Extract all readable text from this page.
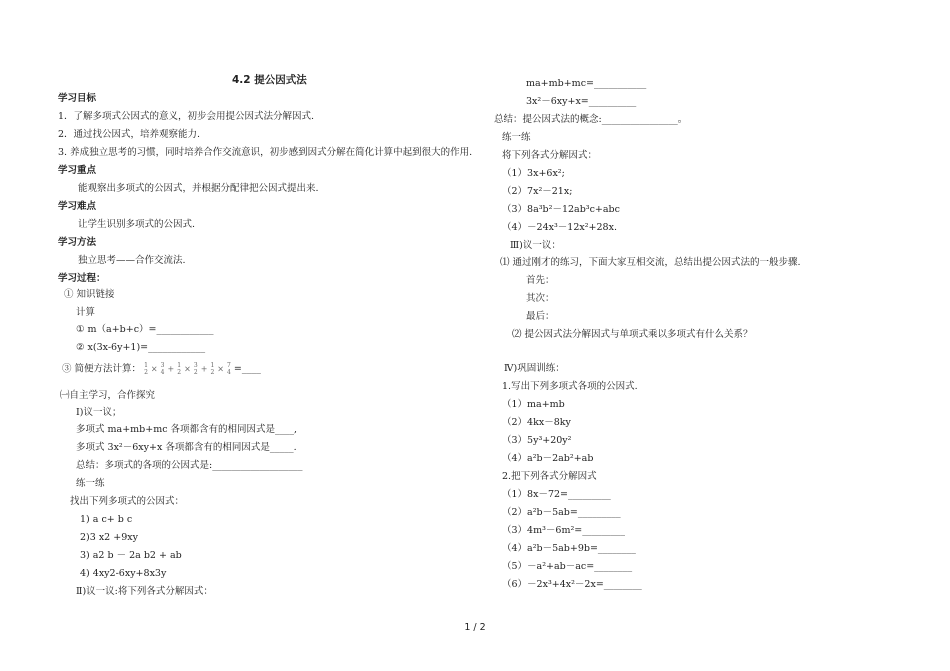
4.2 提公因式法
学习目标
1．了解多项式公因式的意义，初步会用提公因式法分解因式.
2．通过找公因式，培养观察能力.
3. 养成独立思考的习惯，同时培养合作交流意识，初步感到因式分解在简化计算中起到很大的作用.
学习重点
能观察出多项式的公因式，并根据分配律把公因式提出来.
学习难点
让学生识别多项式的公因式.
学习方法
独立思考——合作交流法.
学习过程：
① 知识链接
计算
① m（a+b+c）=____________
② x(3x-6y+1)=____________
㈠自主学习，合作探究
Ⅰ)议一议；
多项式 ma+mb+mc 各项都含有的相同因式是____,
多项式 3x²－6xy+x 各项都含有的相同因式是_____.
总结：多项式的各项的公因式是:___________________
练一练
找出下列多项式的公因式：
1) a c+ b c
2)3 x2 +9xy
3) a2 b － 2a b2 + ab
4) 4xy2-6xy+8x3y
Ⅱ)议一议:将下列各式分解因式：
③ 简便方法计算： 1
2 × 3
4 + 1
2 × 3
2 + 1
2 × 7
4 =____
ma+mb+mc=___________
3x²－6xy+x=__________
总结：提公因式法的概念:________________。
练一练
将下列各式分解因式：
（1）3x+6x²;
（2）7x²－21x;
（3）8a³b²－12ab³c+abc
（4）－24x³－12x²+28x.
Ⅲ)议一议：
⑴ 通过刚才的练习，下面大家互相交流，总结出提公因式法的一般步骤.
首先：
其次：
最后：
⑵ 提公因式法分解因式与单项式乘以多项式有什么关系？
Ⅳ)巩固训练：
1.写出下列多项式各项的公因式.
（1）ma+mb
（2）4kx－8ky
（3）5y³+20y²
（4）a²b－2ab²+ab
2.把下列各式分解因式
（1）8x－72=_________
（2）a²b－5ab=_________
（3）4m³－6m²=_________
（4）a²b－5ab+9b=________
（5）－a²+ab－ac=________
（6）－2x³+4x²－2x=________
1 / 2
